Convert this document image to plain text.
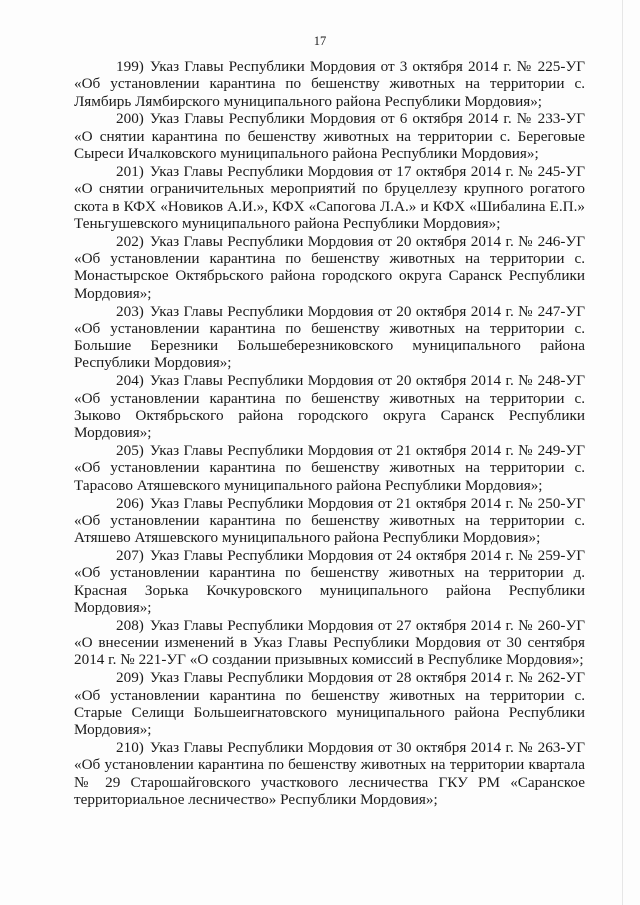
17

199) Указ Главы Республики Мордовия от 3 октября 2014 г. № 225-УГ «Об установлении карантина по бешенству животных на территории с. Лямбирь Лямбирского муниципального района Республики Мордовия»;

200) Указ Главы Республики Мордовия от 6 октября 2014 г. № 233-УГ «О снятии карантина по бешенству животных на территории с. Береговые Сыреси Ичалковского муниципального района Республики Мордовия»;

201) Указ Главы Республики Мордовия от 17 октября 2014 г. № 245-УГ «О снятии ограничительных мероприятий по бруцеллезу крупного рогатого скота в КФХ «Новиков А.И.», КФХ «Сапогова Л.А.» и КФХ «Шибалина Е.П.» Теньгушевского муниципального района Республики Мордовия»;

202) Указ Главы Республики Мордовия от 20 октября 2014 г. № 246-УГ «Об установлении карантина по бешенству животных на территории с. Монастырское Октябрьского района городского округа Саранск Республики Мордовия»;

203) Указ Главы Республики Мордовия от 20 октября 2014 г. № 247-УГ «Об установлении карантина по бешенству животных на территории с. Большие Березники Большеберезниковского муниципального района Республики Мордовия»;

204) Указ Главы Республики Мордовия от 20 октября 2014 г. № 248-УГ «Об установлении карантина по бешенству животных на территории с. Зыково Октябрьского района городского округа Саранск Республики Мордовия»;

205) Указ Главы Республики Мордовия от 21 октября 2014 г. № 249-УГ «Об установлении карантина по бешенству животных на территории с. Тарасово Атяшевского муниципального района Республики Мордовия»;

206) Указ Главы Республики Мордовия от 21 октября 2014 г. № 250-УГ «Об установлении карантина по бешенству животных на территории с. Атяшево Атяшевского муниципального района Республики Мордовия»;

207) Указ Главы Республики Мордовия от 24 октября 2014 г. № 259-УГ «Об установлении карантина по бешенству животных на территории д. Красная Зорька Кочкуровского муниципального района Республики Мордовия»;

208) Указ Главы Республики Мордовия от 27 октября 2014 г. № 260-УГ «О внесении изменений в Указ Главы Республики Мордовия от 30 сентября 2014 г. № 221-УГ «О создании призывных комиссий в Республике Мордовия»;

209) Указ Главы Республики Мордовия от 28 октября 2014 г. № 262-УГ «Об установлении карантина по бешенству животных на территории с. Старые Селищи Большеигнатовского муниципального района Республики Мордовия»;

210) Указ Главы Республики Мордовия от 30 октября 2014 г. № 263-УГ «Об установлении карантина по бешенству животных на территории квартала № 29 Старошайговского участкового лесничества ГКУ РМ «Саранское территориальное лесничество» Республики Мордовия»;
